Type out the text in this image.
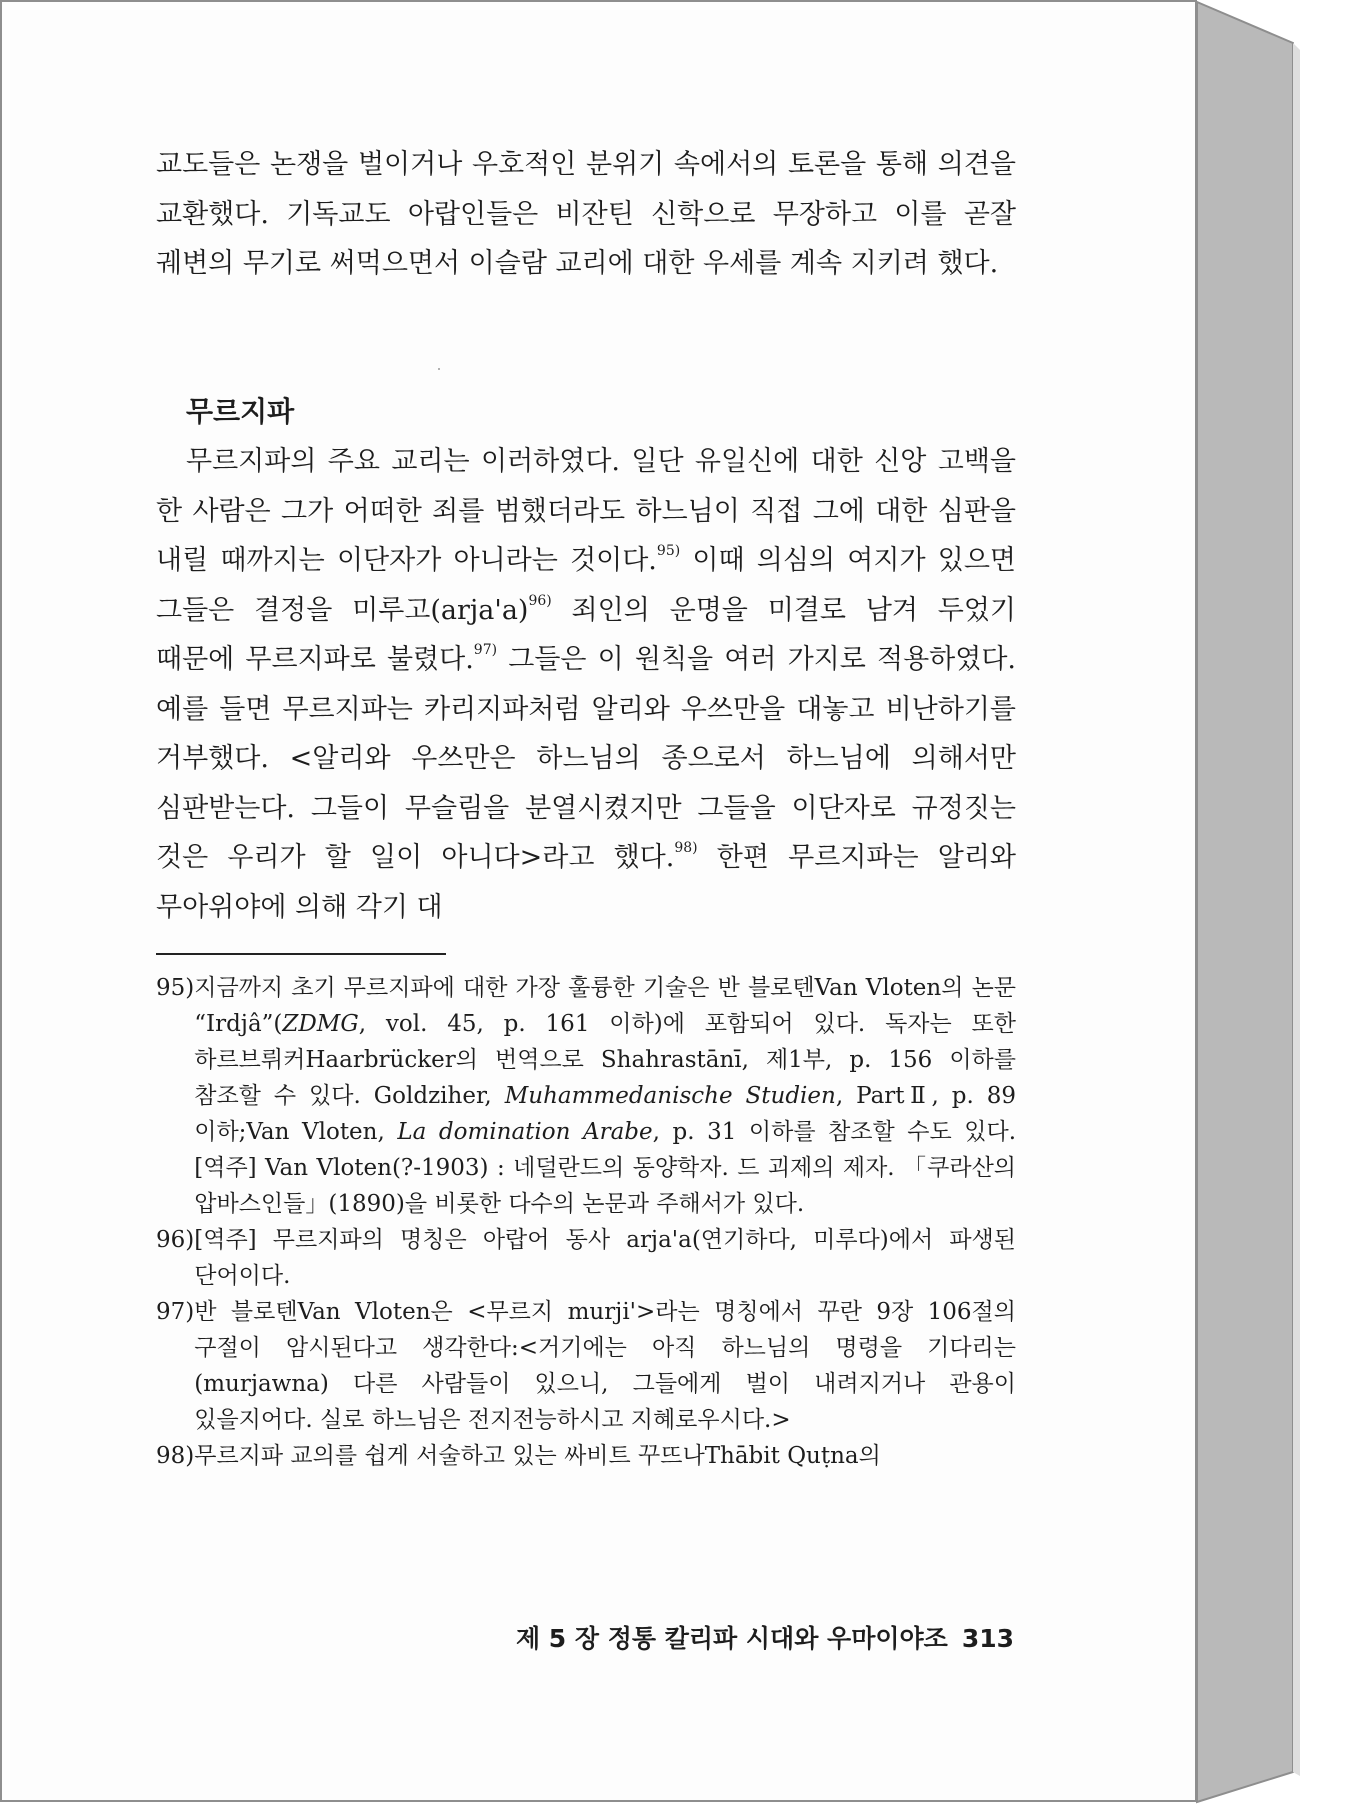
교도들은 논쟁을 벌이거나 우호적인 분위기 속에서의 토론을 통해 의견을 교환했다. 기독교도 아랍인들은 비잔틴 신학으로 무장하고 이를 곧잘 궤변의 무기로 써먹으면서 이슬람 교리에 대한 우세를 계속 지키려 했다.

무르지파

무르지파의 주요 교리는 이러하였다. 일단 유일신에 대한 신앙 고백을 한 사람은 그가 어떠한 죄를 범했더라도 하느님이 직접 그에 대한 심판을 내릴 때까지는 이단자가 아니라는 것이다.$^{95)}$ 이때 의심의 여지가 있으면 그들은 결정을 미루고(arja'a)$^{96)}$ 죄인의 운명을 미결로 남겨 두었기 때문에 무르지파로 불렸다.$^{97)}$ 그들은 이 원칙을 여러 가지로 적용하였다. 예를 들면 무르지파는 카리지파처럼 알리와 우쓰만을 대놓고 비난하기를 거부했다. <알리와 우쓰만은 하느님의 종으로서 하느님에 의해서만 심판받는다. 그들이 무슬림을 분열시켰지만 그들을 이단자로 규정짓는 것은 우리가 할 일이 아니다>라고 했다.$^{98)}$ 한편 무르지파는 알리와 무아위야에 의해 각기 대

95) 지금까지 초기 무르지파에 대한 가장 훌륭한 기술은 반 블로텐Van Vloten의 논문 “Irdjâ”(ZDMG, vol. 45, p. 161 이하)에 포함되어 있다. 독자는 또한 하르브뤼커Haarbrücker의 번역으로 Shahrastānī, 제1부, p. 156 이하를 참조할 수 있다. Goldziher, Muhammedanische Studien, PartⅡ, p. 89 이하;Van Vloten, La domination Arabe, p. 31 이하를 참조할 수도 있다. [역주] Van Vloten(?-1903) : 네덜란드의 동양학자. 드 괴제의 제자. 「쿠라산의 압바스인들」(1890)을 비롯한 다수의 논문과 주해서가 있다.

96) [역주] 무르지파의 명칭은 아랍어 동사 arja'a(연기하다, 미루다)에서 파생된 단어이다.

97) 반 블로텐Van Vloten은 <무르지 murji'>라는 명칭에서 꾸란 9장 106절의 구절이 암시된다고 생각한다:<거기에는 아직 하느님의 명령을 기다리는(murjawna) 다른 사람들이 있으니, 그들에게 벌이 내려지거나 관용이 있을지어다. 실로 하느님은 전지전능하시고 지혜로우시다.>

98) 무르지파 교의를 쉽게 서술하고 있는 싸비트 꾸뜨나Thābit Quṭna의

제 5 장 정통 칼리파 시대와 우마이야조 313
